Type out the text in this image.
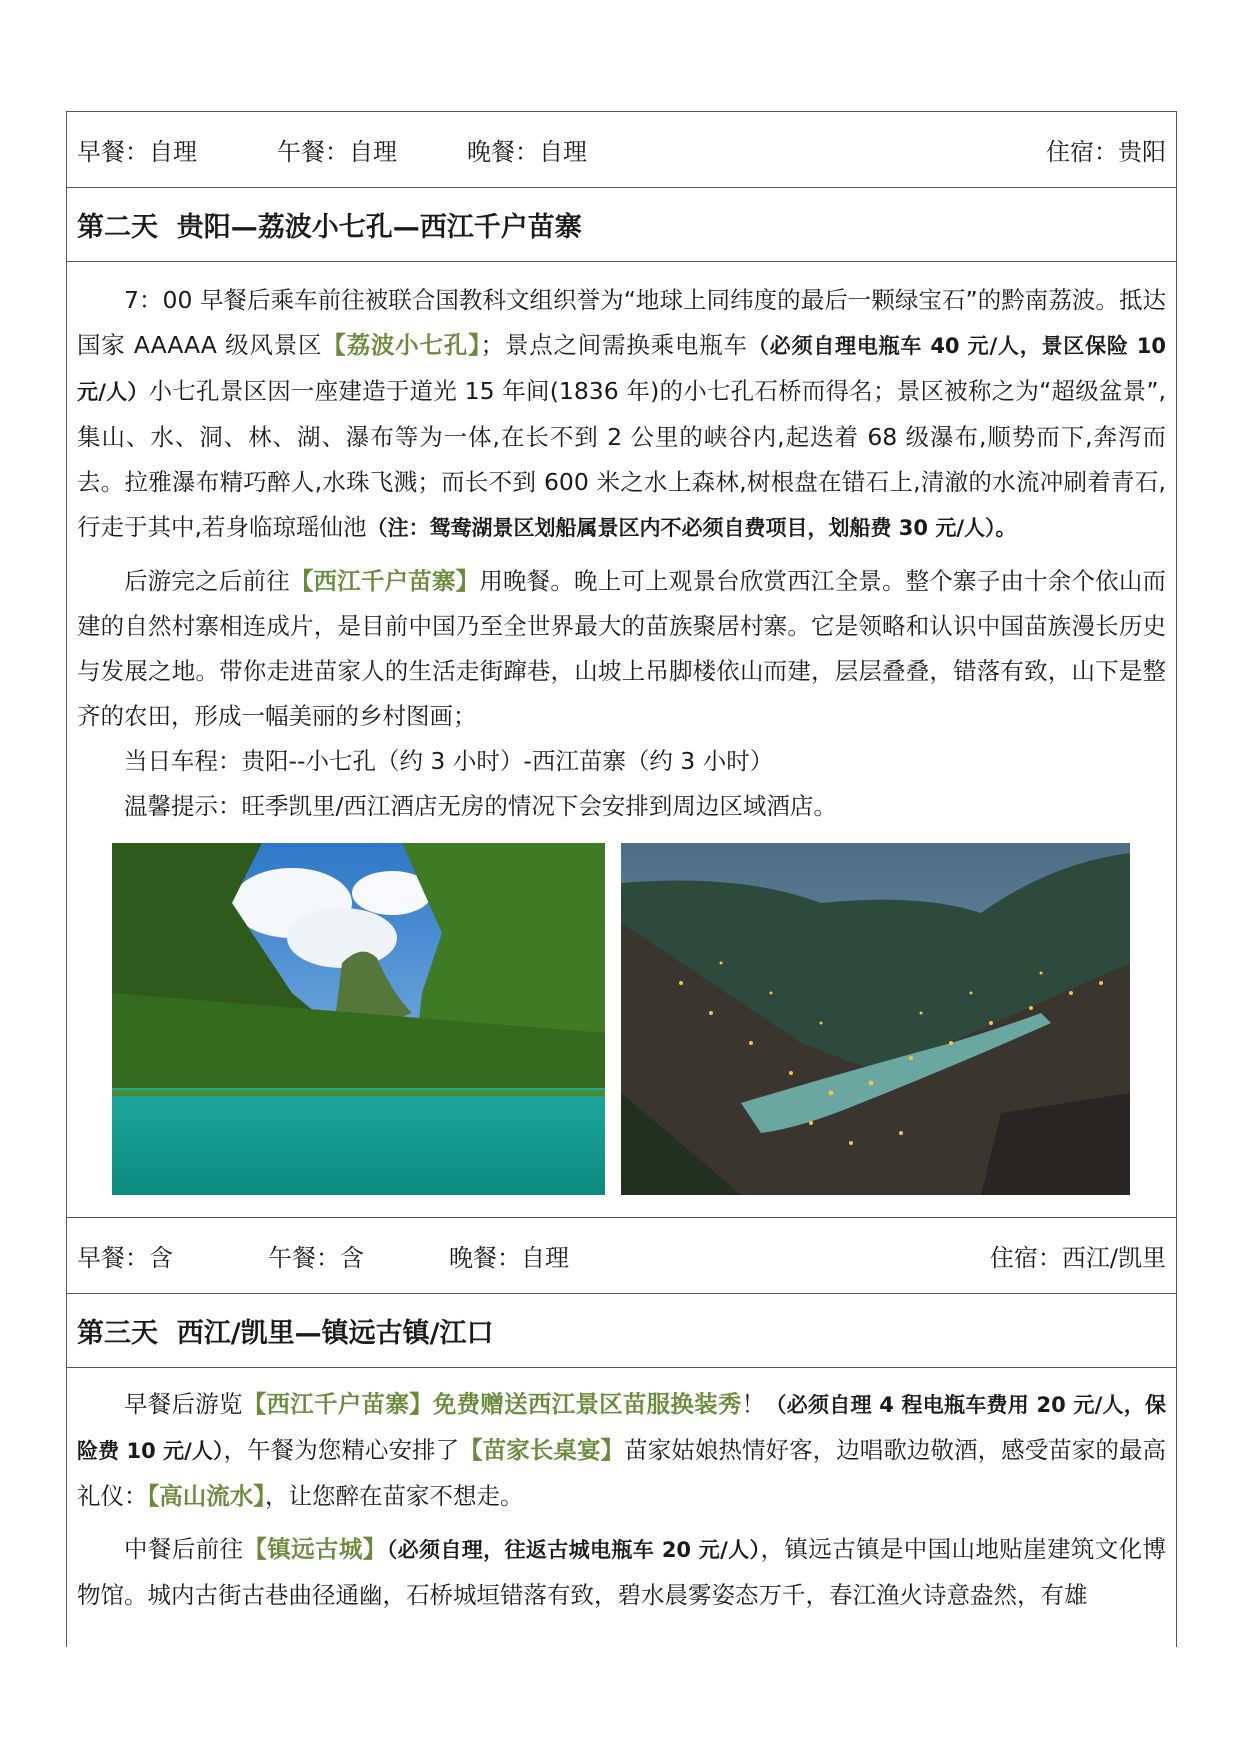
早餐：自理	午餐：自理	晚餐：自理	住宿：贵阳
第二天  贵阳—荔波小七孔—西江千户苗寨

7：00 早餐后乘车前往被联合国教科文组织誉为“地球上同纬度的最后一颗绿宝石”的黔南荔波。抵达国家 AAAAA 级风景区【荔波小七孔】；景点之间需换乘电瓶车（必须自理电瓶车 40 元/人，景区保险 10 元/人）小七孔景区因一座建造于道光 15 年间(1836 年)的小七孔石桥而得名；景区被称之为“超级盆景”,集山、水、洞、林、湖、瀑布等为一体,在长不到 2 公里的峡谷内,起迭着 68 级瀑布,顺势而下,奔泻而去。拉雅瀑布精巧醉人,水珠飞溅；而长不到 600 米之水上森林,树根盘在错石上,清澈的水流冲刷着青石,行走于其中,若身临琼瑶仙池（注：鸳鸯湖景区划船属景区内不必须自费项目，划船费 30 元/人）。

后游完之后前往【西江千户苗寨】用晚餐。晚上可上观景台欣赏西江全景。整个寨子由十余个依山而建的自然村寨相连成片，是目前中国乃至全世界最大的苗族聚居村寨。它是领略和认识中国苗族漫长历史与发展之地。带你走进苗家人的生活走街蹿巷，山坡上吊脚楼依山而建，层层叠叠，错落有致，山下是整齐的农田，形成一幅美丽的乡村图画；

当日车程：贵阳--小七孔（约 3 小时）-西江苗寨（约 3 小时）

温馨提示：旺季凯里/西江酒店无房的情况下会安排到周边区域酒店。

早餐：含	午餐：含	晚餐：自理	住宿：西江/凯里
第三天  西江/凯里—镇远古镇/江口

早餐后游览【西江千户苗寨】免费赠送西江景区苗服换装秀！（必须自理 4 程电瓶车费用 20 元/人，保险费 10 元/人），午餐为您精心安排了【苗家长桌宴】苗家姑娘热情好客，边唱歌边敬酒，感受苗家的最高礼仪：【高山流水】，让您醉在苗家不想走。

中餐后前往【镇远古城】（必须自理，往返古城电瓶车 20 元/人），镇远古镇是中国山地贴崖建筑文化博物馆。城内古街古巷曲径通幽，石桥城垣错落有致，碧水晨雾姿态万千，春江渔火诗意盎然，有雄
